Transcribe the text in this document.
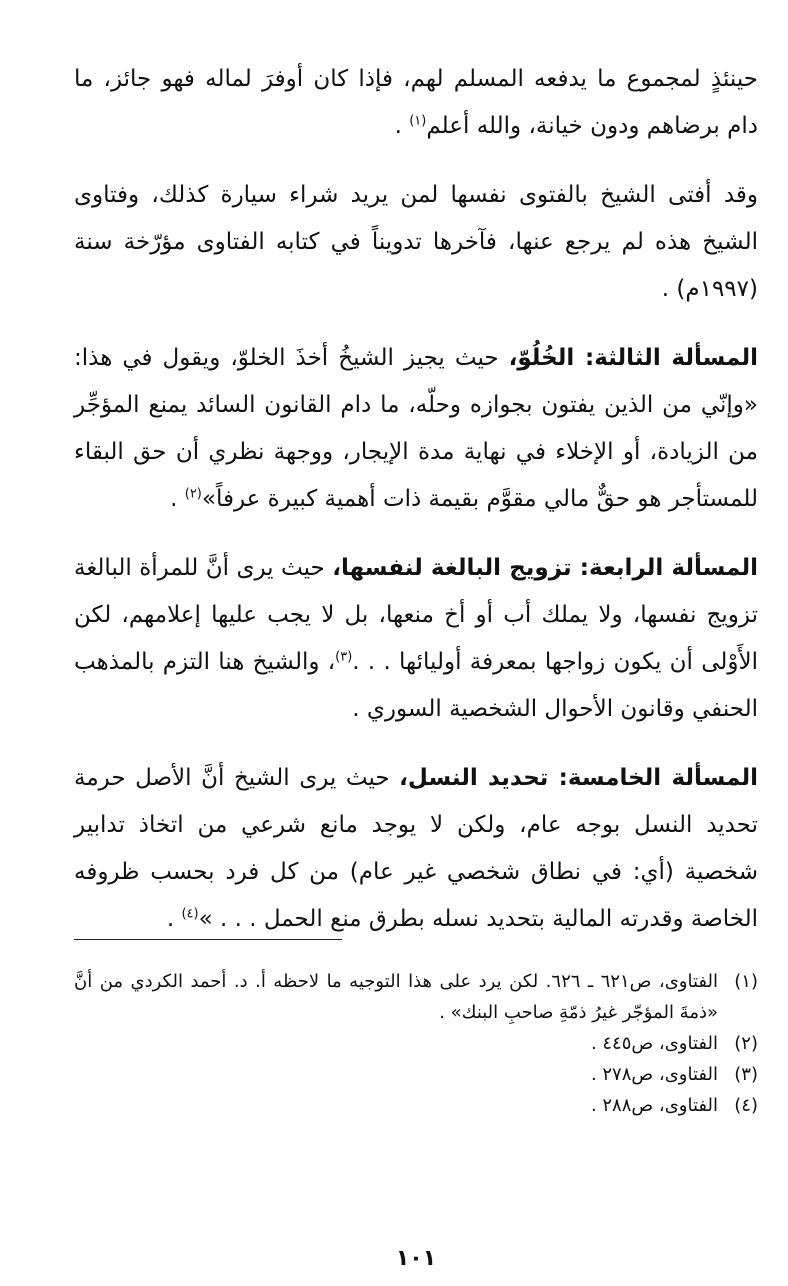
حينئذٍ لمجموع ما يدفعه المسلم لهم، فإذا كان أوفرَ لماله فهو جائز، ما دام برضاهم ودون خيانة، والله أعلم$^{(١)}$ .

وقد أفتى الشيخ بالفتوى نفسها لمن يريد شراء سيارة كذلك، وفتاوى الشيخ هذه لم يرجع عنها، فآخرها تدويناً في كتابه الفتاوى مؤرّخة سنة (١٩٩٧م) .

المسألة الثالثة: الخُلُوّ، حيث يجيز الشيخُ أخذَ الخلوّ، ويقول في هذا: «وإنّي من الذين يفتون بجوازه وحلّه، ما دام القانون السائد يمنع المؤجِّر من الزيادة، أو الإخلاء في نهاية مدة الإيجار، ووجهة نظري أن حق البقاء للمستأجر هو حقٌّ مالي مقوَّم بقيمة ذات أهمية كبيرة عرفاً»$^{(٢)}$ .

المسألة الرابعة: تزويج البالغة لنفسها، حيث يرى أنَّ للمرأة البالغة تزويج نفسها، ولا يملك أب أو أخ منعها، بل لا يجب عليها إعلامهم، لكن الأَوْلى أن يكون زواجها بمعرفة أوليائها . . .$^{(٣)}$، والشيخ هنا التزم بالمذهب الحنفي وقانون الأحوال الشخصية السوري .

المسألة الخامسة: تحديد النسل، حيث يرى الشيخ أنَّ الأصل حرمة تحديد النسل بوجه عام، ولكن لا يوجد مانع شرعي من اتخاذ تدابير شخصية (أي: في نطاق شخصي غير عام) من كل فرد بحسب ظروفه الخاصة وقدرته المالية بتحديد نسله بطرق منع الحمل . . . »$^{(٤)}$ .

(١)
الفتاوى، ص٦٢١ ـ ٦٢٦. لكن يرد على هذا التوجيه ما لاحظه أ. د. أحمد الكردي من أنَّ «ذمةَ المؤجّر غيرُ ذمّةِ صاحبِ البنك» .
(٢)
الفتاوى، ص٤٤٥ .
(٣)
الفتاوى، ص٢٧٨ .
(٤)
الفتاوى، ص٢٨٨ .
١٠١
